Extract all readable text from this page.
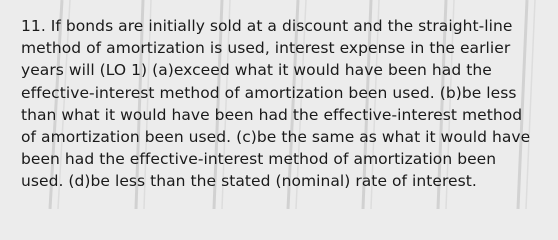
11. If bonds are initially sold at a discount and the straight-line
method of amortization is used, interest expense in the earlier
years will (LO 1) (a)exceed what it would have been had the
effective-interest method of amortization been used. (b)be less
than what it would have been had the effective-interest method
of amortization been used. (c)be the same as what it would have
been had the effective-interest method of amortization been
used. (d)be less than the stated (nominal) rate of interest.
